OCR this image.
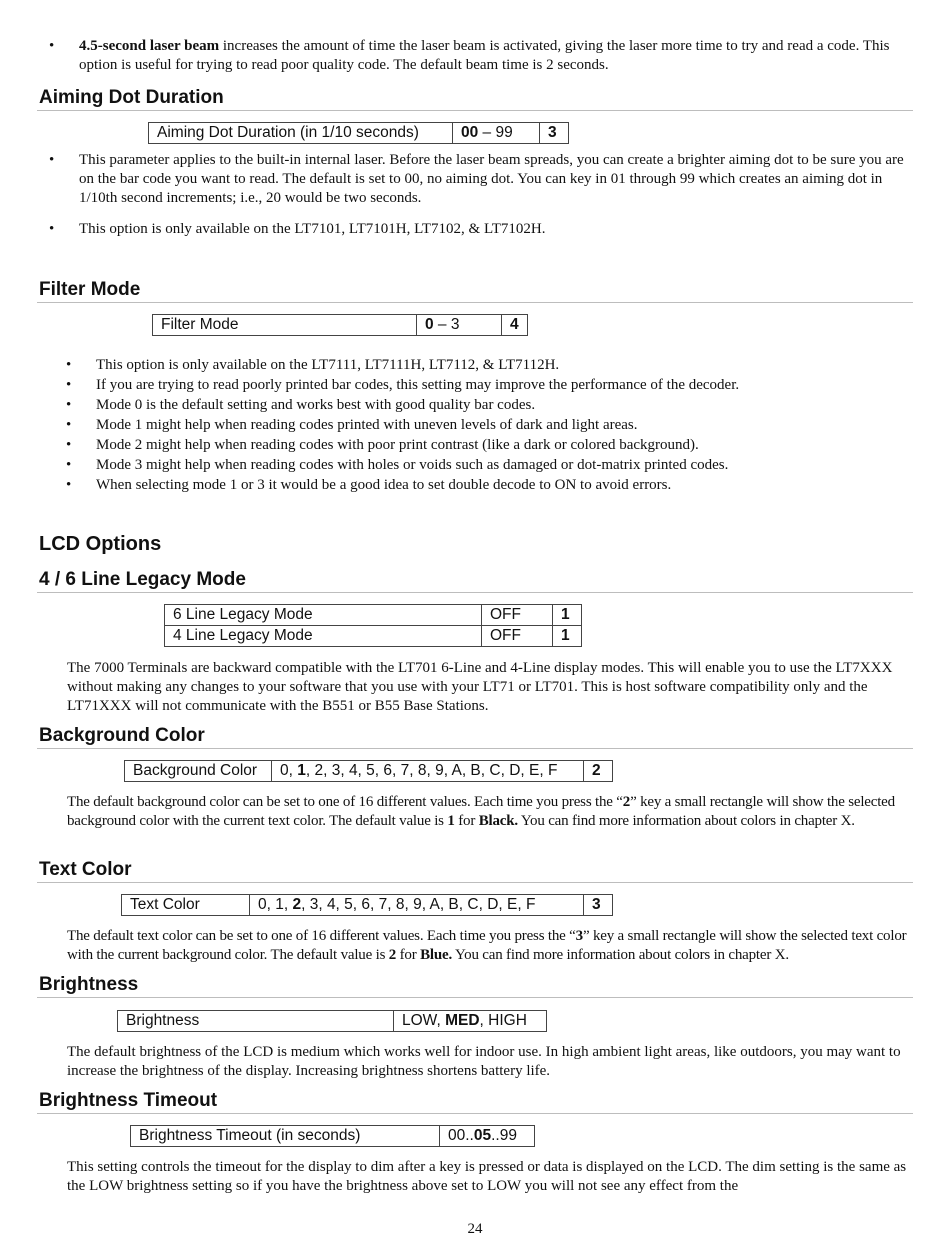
• 4.5-second laser beam increases the amount of time the laser beam is activated, giving the laser more time to try and read a code. This option is useful for trying to read poor quality code. The default beam time is 2 seconds.
Aiming Dot Duration
Aiming Dot Duration (in 1/10 seconds)	00 – 99	3
• This parameter applies to the built-in internal laser. Before the laser beam spreads, you can create a brighter aiming dot to be sure you are on the bar code you want to read. The default is set to 00, no aiming dot. You can key in 01 through 99 which creates an aiming dot in 1/10th second increments; i.e., 20 would be two seconds.
• This option is only available on the LT7101, LT7101H, LT7102, & LT7102H.
Filter Mode
Filter Mode	0 – 3	4
• This option is only available on the LT7111, LT7111H, LT7112, & LT7112H.
• If you are trying to read poorly printed bar codes, this setting may improve the performance of the decoder.
• Mode 0 is the default setting and works best with good quality bar codes.
• Mode 1 might help when reading codes printed with uneven levels of dark and light areas.
• Mode 2 might help when reading codes with poor print contrast (like a dark or colored background).
• Mode 3 might help when reading codes with holes or voids such as damaged or dot-matrix printed codes.
• When selecting mode 1 or 3 it would be a good idea to set double decode to ON to avoid errors.
LCD Options
4 / 6 Line Legacy Mode
6 Line Legacy Mode	OFF	1
4 Line Legacy Mode	OFF	1
The 7000 Terminals are backward compatible with the LT701 6-Line and 4-Line display modes. This will enable you to use the LT7XXX without making any changes to your software that you use with your LT71 or LT701. This is host software compatibility only and the LT71XXX will not communicate with the B551 or B55 Base Stations.
Background Color
Background Color	0, 1, 2, 3, 4, 5, 6, 7, 8, 9, A, B, C, D, E, F	2
The default background color can be set to one of 16 different values. Each time you press the “2” key a small rectangle will show the selected background color with the current text color. The default value is 1 for Black. You can find more information about colors in chapter X.
Text Color
Text Color	0, 1, 2, 3, 4, 5, 6, 7, 8, 9, A, B, C, D, E, F	3
The default text color can be set to one of 16 different values. Each time you press the “3” key a small rectangle will show the selected text color with the current background color. The default value is 2 for Blue. You can find more information about colors in chapter X.
Brightness
Brightness	LOW, MED, HIGH
The default brightness of the LCD is medium which works well for indoor use. In high ambient light areas, like outdoors, you may want to increase the brightness of the display. Increasing brightness shortens battery life.
Brightness Timeout
Brightness Timeout (in seconds)	00..05..99
This setting controls the timeout for the display to dim after a key is pressed or data is displayed on the LCD. The dim setting is the same as the LOW brightness setting so if you have the brightness above set to LOW you will not see any effect from the
24
